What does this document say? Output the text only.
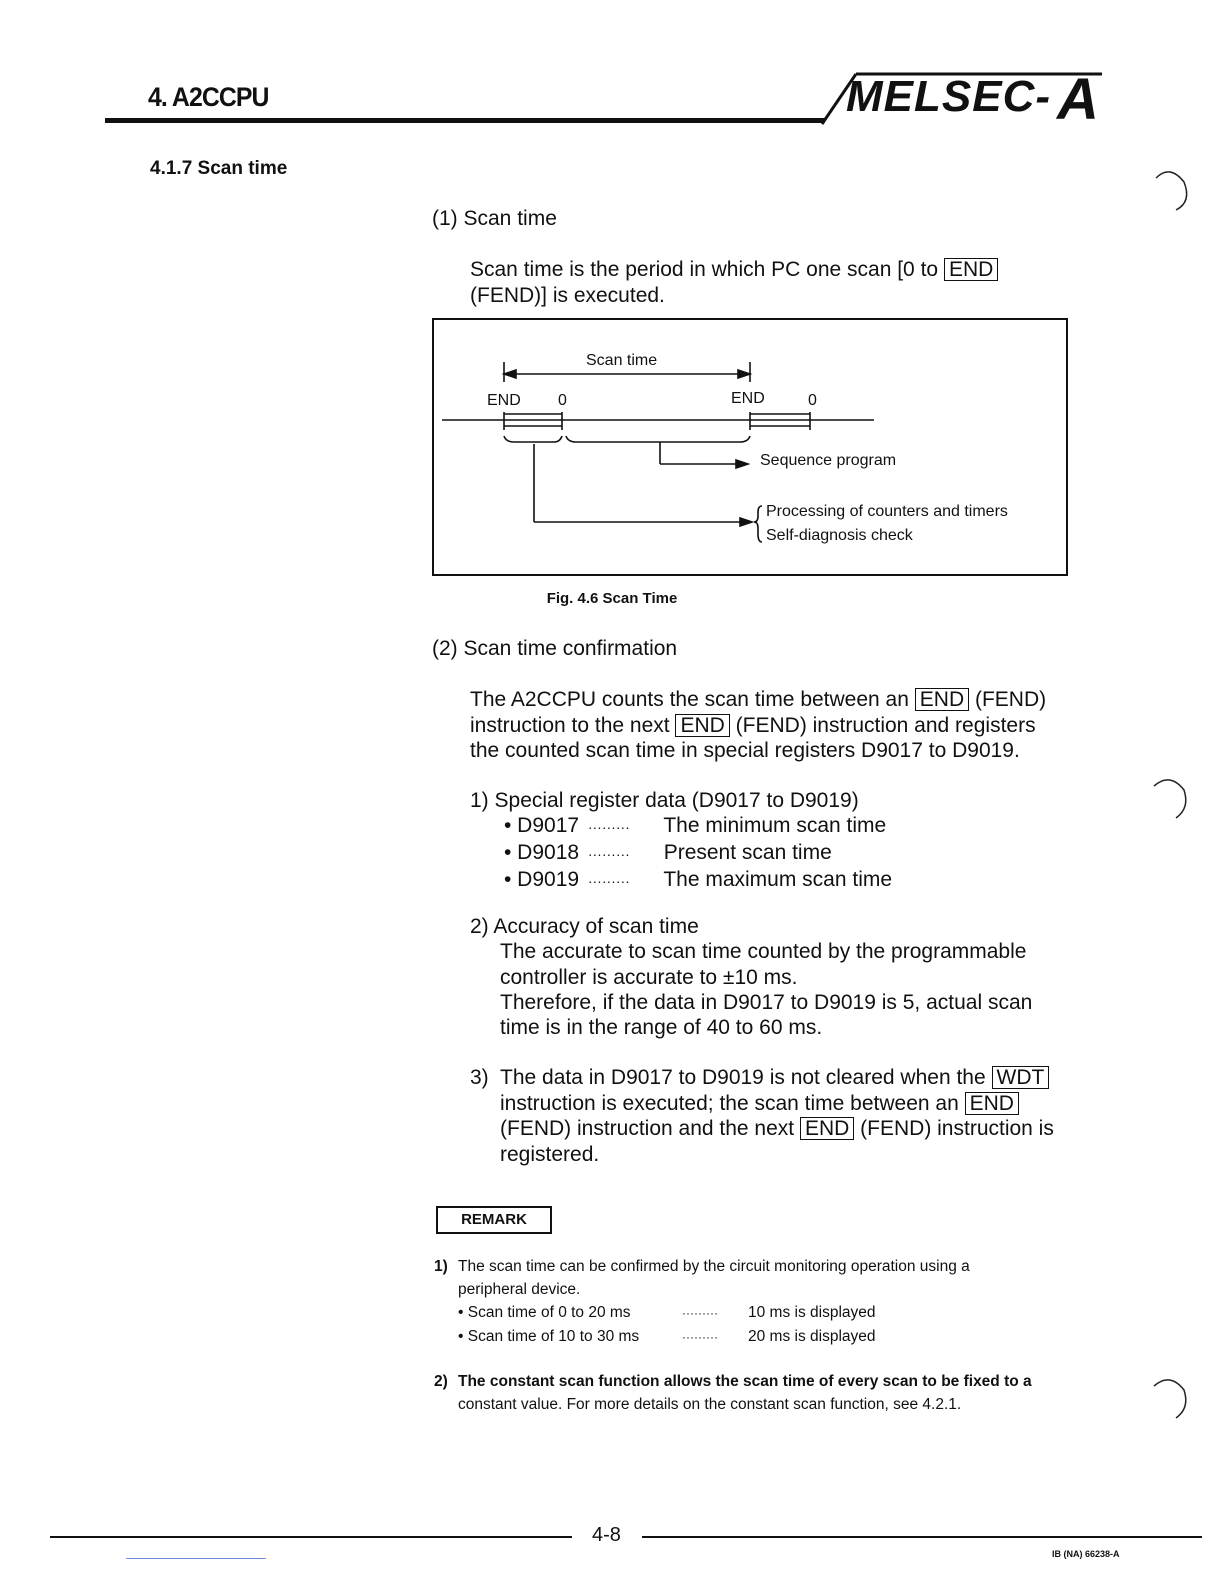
4. A2CCPU	MELSEC- A
4.1.7 Scan time
(1) Scan time
Scan time is the period in which PC one scan [0 to END
(FEND)] is executed.
Scan time
END 0	END	0
Sequence program
Processing of counters and timers
Self-diagnosis check
Fig. 4.6 Scan Time
(2) Scan time confirmation
The A2CCPU counts the scan time between an END (FEND)
instruction to the next END (FEND) instruction and registers
the counted scan time in special registers D9017 to D9019.
1) Special register data (D9017 to D9019)
• D9017 ········· The minimum scan time
• D9018 ········· Present scan time
• D9019 ········· The maximum scan time
2) Accuracy of scan time
The accurate to scan time counted by the programmable
controller is accurate to ±10 ms.
Therefore, if the data in D9017 to D9019 is 5, actual scan
time is in the range of 40 to 60 ms.
3) The data in D9017 to D9019 is not cleared when the WDT
instruction is executed; the scan time between an END
(FEND) instruction and the next END (FEND) instruction is
registered.
REMARK
1) The scan time can be confirmed by the circuit monitoring operation using a
peripheral device.
• Scan time of 0 to 20 ms	········· 10 ms is displayed
• Scan time of 10 to 30 ms	········· 20 ms is displayed
2) The constant scan function allows the scan time of every scan to be fixed to a
constant value. For more details on the constant scan function, see 4.2.1.
4-8
IB (NA) 66238-A
